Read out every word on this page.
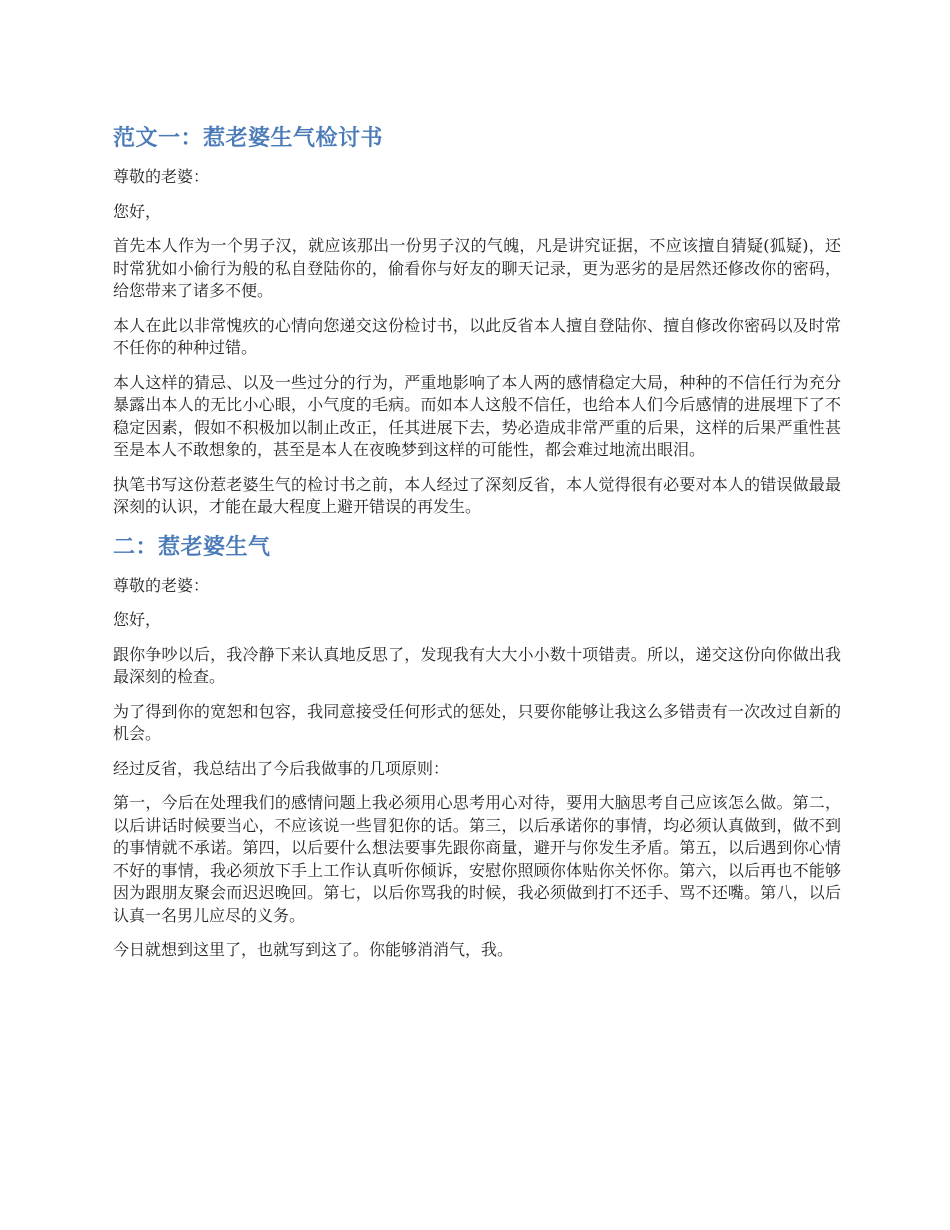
范文一：惹老婆生气检讨书

尊敬的老婆：

您好，

首先本人作为一个男子汉，就应该那出一份男子汉的气魄，凡是讲究证据，不应该擅自猜疑(狐疑)，还时常犹如小偷行为般的私自登陆你的，偷看你与好友的聊天记录，更为恶劣的是居然还修改你的密码，给您带来了诸多不便。

本人在此以非常愧疚的心情向您递交这份检讨书，以此反省本人擅自登陆你、擅自修改你密码以及时常不任你的种种过错。

本人这样的猜忌、以及一些过分的行为，严重地影响了本人两的感情稳定大局，种种的不信任行为充分暴露出本人的无比小心眼，小气度的毛病。而如本人这般不信任，也给本人们今后感情的进展埋下了不稳定因素，假如不积极加以制止改正，任其进展下去，势必造成非常严重的后果，这样的后果严重性甚至是本人不敢想象的，甚至是本人在夜晚梦到这样的可能性，都会难过地流出眼泪。

执笔书写这份惹老婆生气的检讨书之前，本人经过了深刻反省，本人觉得很有必要对本人的错误做最最深刻的认识，才能在最大程度上避开错误的再发生。

二：惹老婆生气

尊敬的老婆：

您好，

跟你争吵以后，我冷静下来认真地反思了，发现我有大大小小数十项错责。所以，递交这份向你做出我最深刻的检查。

为了得到你的宽恕和包容，我同意接受任何形式的惩处，只要你能够让我这么多错责有一次改过自新的机会。

经过反省，我总结出了今后我做事的几项原则：

第一，今后在处理我们的感情问题上我必须用心思考用心对待，要用大脑思考自己应该怎么做。第二，以后讲话时候要当心，不应该说一些冒犯你的话。第三，以后承诺你的事情，均必须认真做到，做不到的事情就不承诺。第四，以后要什么想法要事先跟你商量，避开与你发生矛盾。第五，以后遇到你心情不好的事情，我必须放下手上工作认真听你倾诉，安慰你照顾你体贴你关怀你。第六，以后再也不能够因为跟朋友聚会而迟迟晚回。第七，以后你骂我的时候，我必须做到打不还手、骂不还嘴。第八，以后认真一名男儿应尽的义务。

今日就想到这里了，也就写到这了。你能够消消气，我。
